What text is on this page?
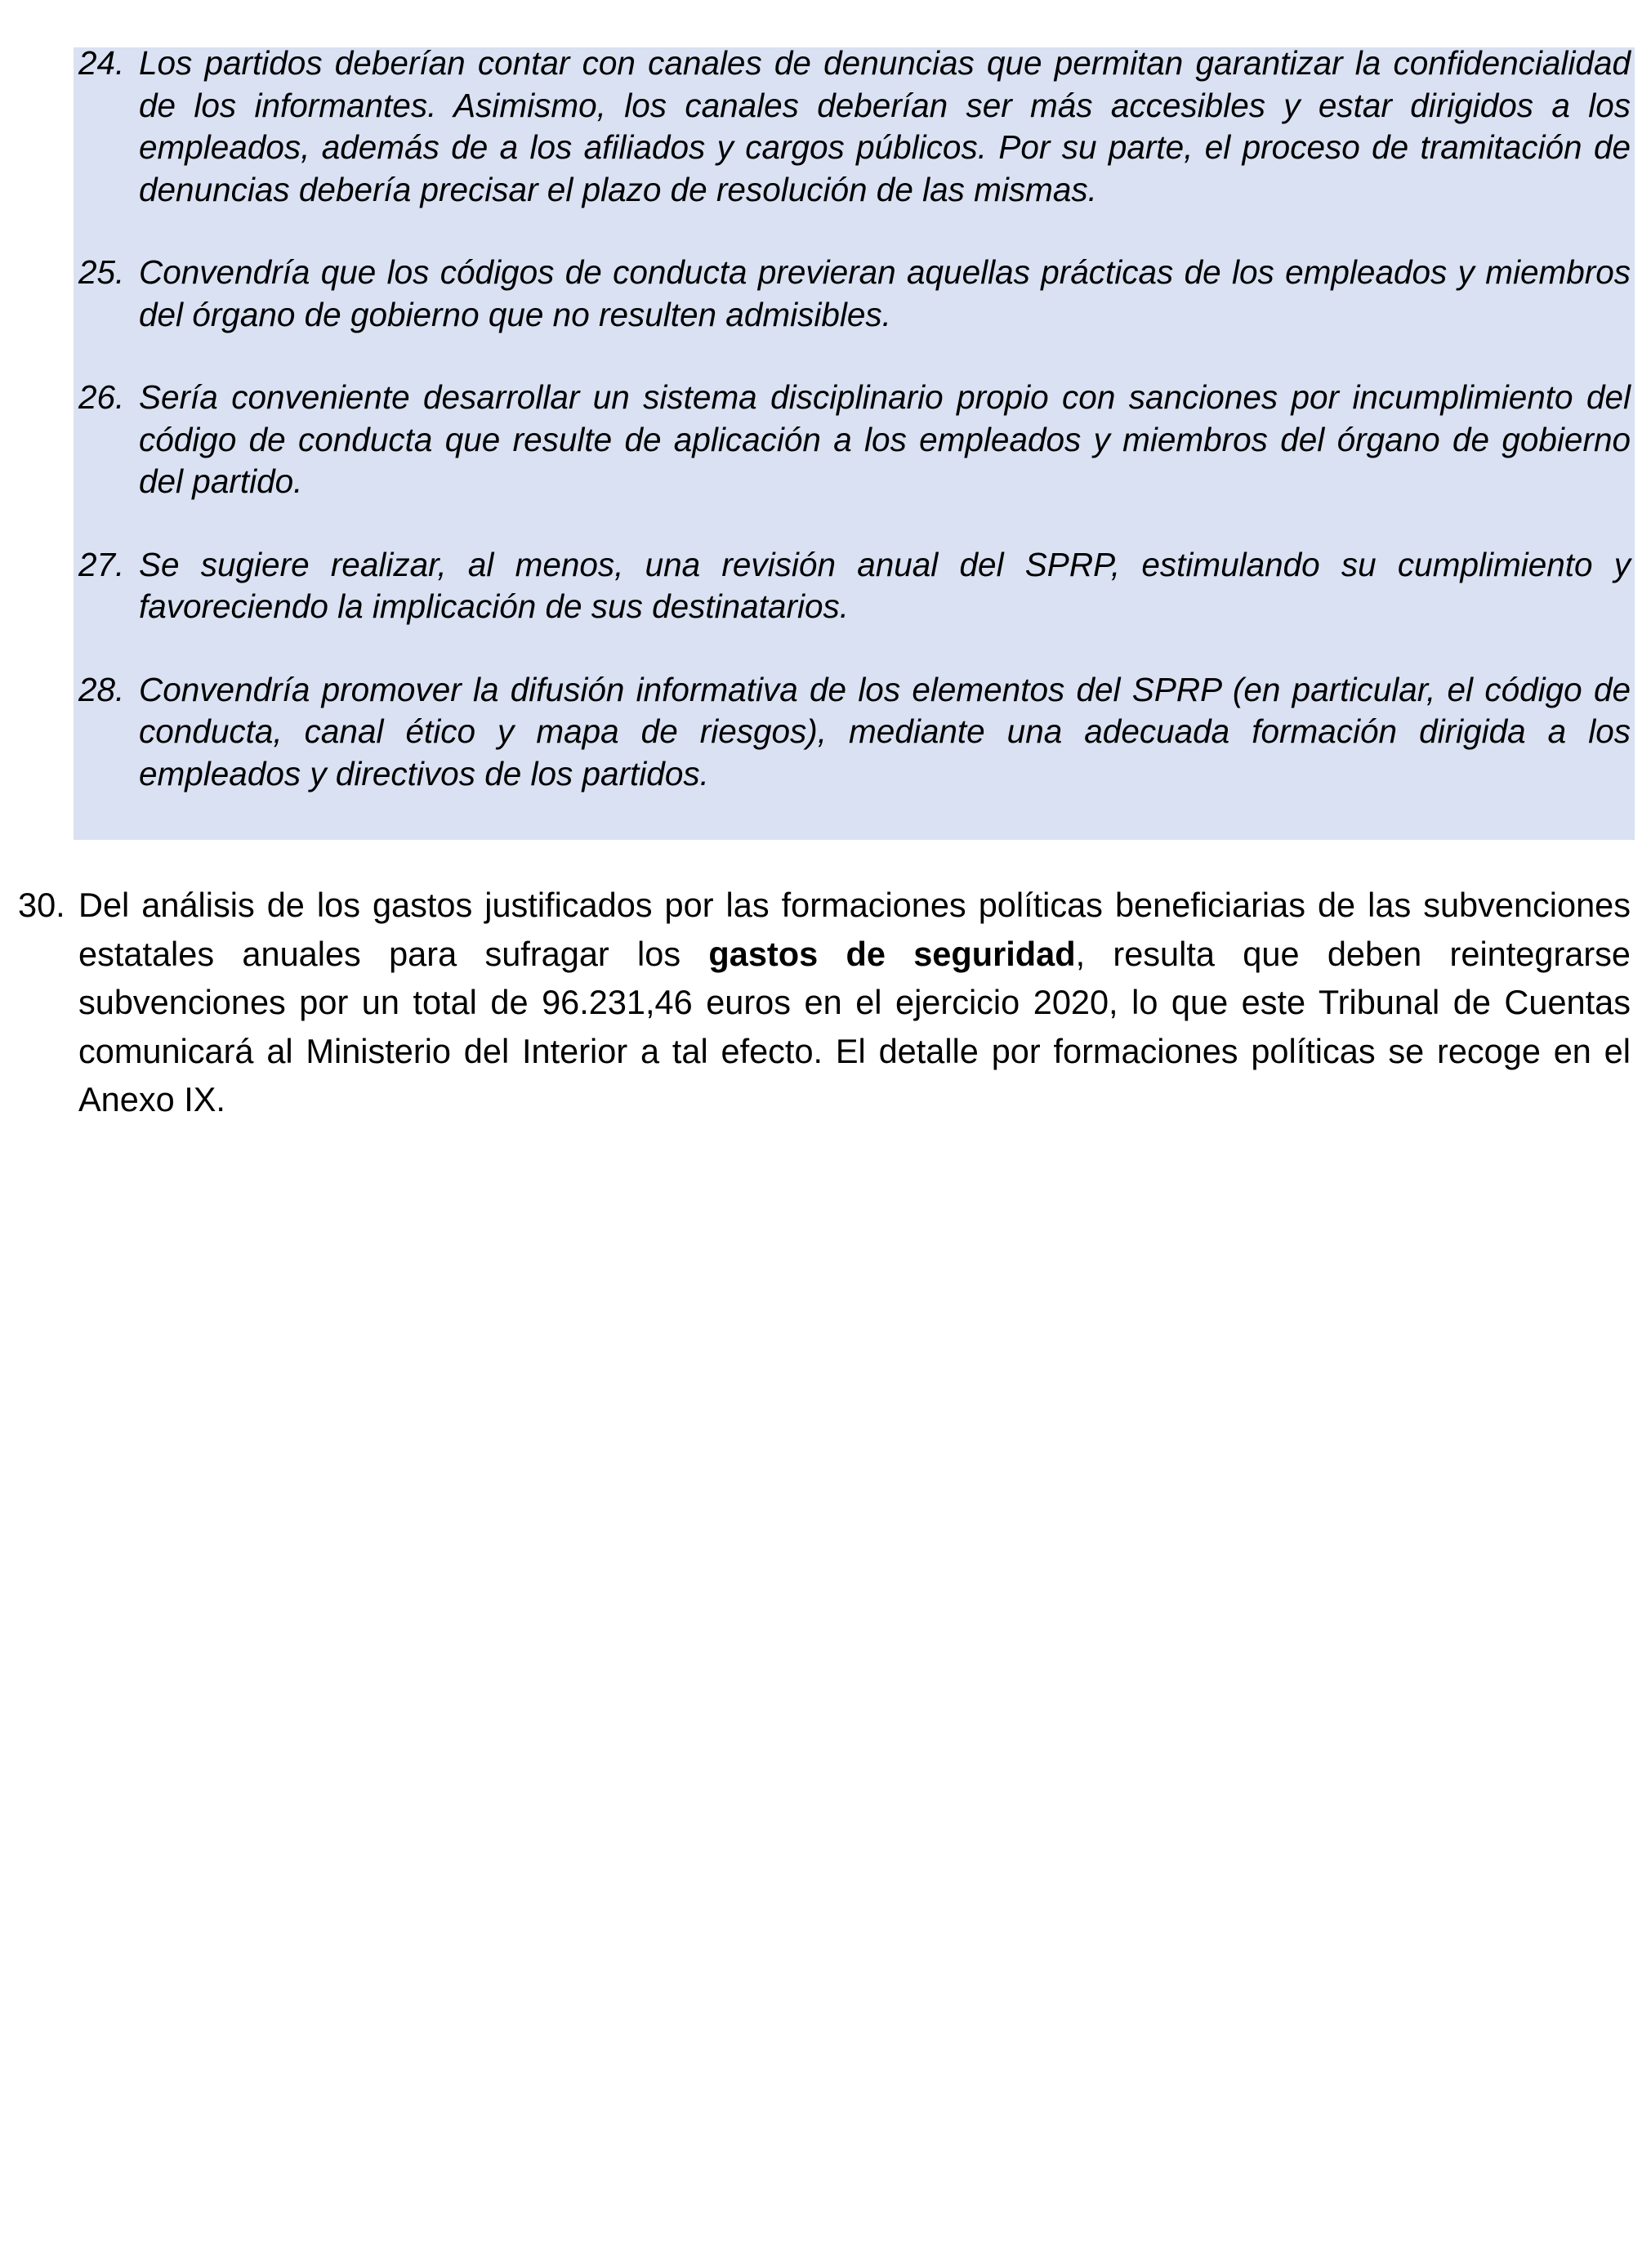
24. Los partidos deberían contar con canales de denuncias que permitan garantizar la confidencialidad de los informantes. Asimismo, los canales deberían ser más accesibles y estar dirigidos a los empleados, además de a los afiliados y cargos públicos. Por su parte, el proceso de tramitación de denuncias debería precisar el plazo de resolución de las mismas.
25. Convendría que los códigos de conducta previeran aquellas prácticas de los empleados y miembros del órgano de gobierno que no resulten admisibles.
26. Sería conveniente desarrollar un sistema disciplinario propio con sanciones por incumplimiento del código de conducta que resulte de aplicación a los empleados y miembros del órgano de gobierno del partido.
27. Se sugiere realizar, al menos, una revisión anual del SPRP, estimulando su cumplimiento y favoreciendo la implicación de sus destinatarios.
28. Convendría promover la difusión informativa de los elementos del SPRP (en particular, el código de conducta, canal ético y mapa de riesgos), mediante una adecuada formación dirigida a los empleados y directivos de los partidos.
30. Del análisis de los gastos justificados por las formaciones políticas beneficiarias de las subvenciones estatales anuales para sufragar los gastos de seguridad, resulta que deben reintegrarse subvenciones por un total de 96.231,46 euros en el ejercicio 2020, lo que este Tribunal de Cuentas comunicará al Ministerio del Interior a tal efecto. El detalle por formaciones políticas se recoge en el Anexo IX.
